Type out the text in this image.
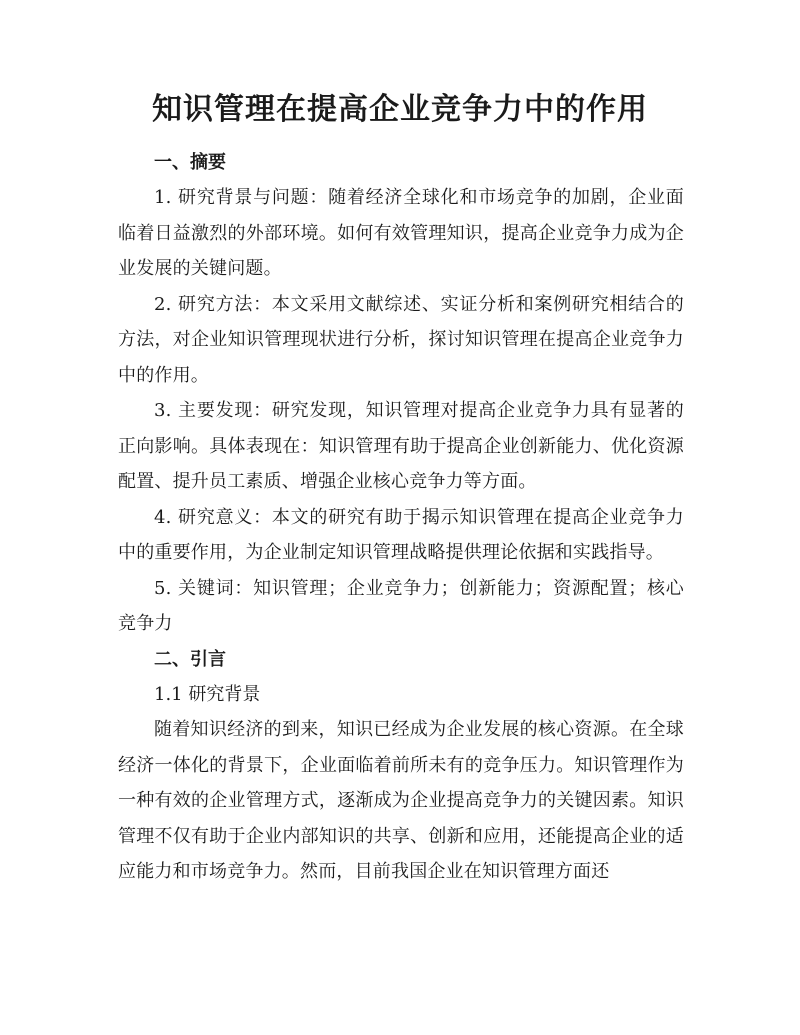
知识管理在提高企业竞争力中的作用

一、摘要

1. 研究背景与问题：随着经济全球化和市场竞争的加剧，企业面临着日益激烈的外部环境。如何有效管理知识，提高企业竞争力成为企业发展的关键问题。

2. 研究方法：本文采用文献综述、实证分析和案例研究相结合的方法，对企业知识管理现状进行分析，探讨知识管理在提高企业竞争力中的作用。

3. 主要发现：研究发现，知识管理对提高企业竞争力具有显著的正向影响。具体表现在：知识管理有助于提高企业创新能力、优化资源配置、提升员工素质、增强企业核心竞争力等方面。

4. 研究意义：本文的研究有助于揭示知识管理在提高企业竞争力中的重要作用，为企业制定知识管理战略提供理论依据和实践指导。

5. 关键词：知识管理；企业竞争力；创新能力；资源配置；核心竞争力

二、引言

1.1 研究背景

随着知识经济的到来，知识已经成为企业发展的核心资源。在全球经济一体化的背景下，企业面临着前所未有的竞争压力。知识管理作为一种有效的企业管理方式，逐渐成为企业提高竞争力的关键因素。知识管理不仅有助于企业内部知识的共享、创新和应用，还能提高企业的适应能力和市场竞争力。然而，目前我国企业在知识管理方面还
